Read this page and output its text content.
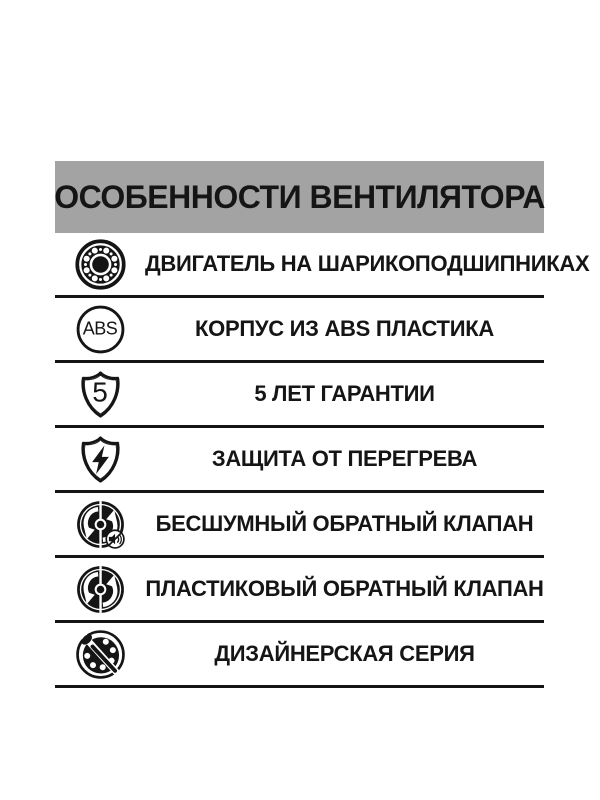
ОСОБЕННОСТИ ВЕНТИЛЯТОРА
ДВИГАТЕЛЬ НА ШАРИКОПОДШИПНИКАХ
ABS	КОРПУС ИЗ ABS ПЛАСТИКА
5	5 ЛЕТ ГАРАНТИИ
ЗАЩИТА ОТ ПЕРЕГРЕВА
БЕСШУМНЫЙ ОБРАТНЫЙ КЛАПАН
ПЛАСТИКОВЫЙ ОБРАТНЫЙ КЛАПАН
ДИЗАЙНЕРСКАЯ СЕРИЯ
